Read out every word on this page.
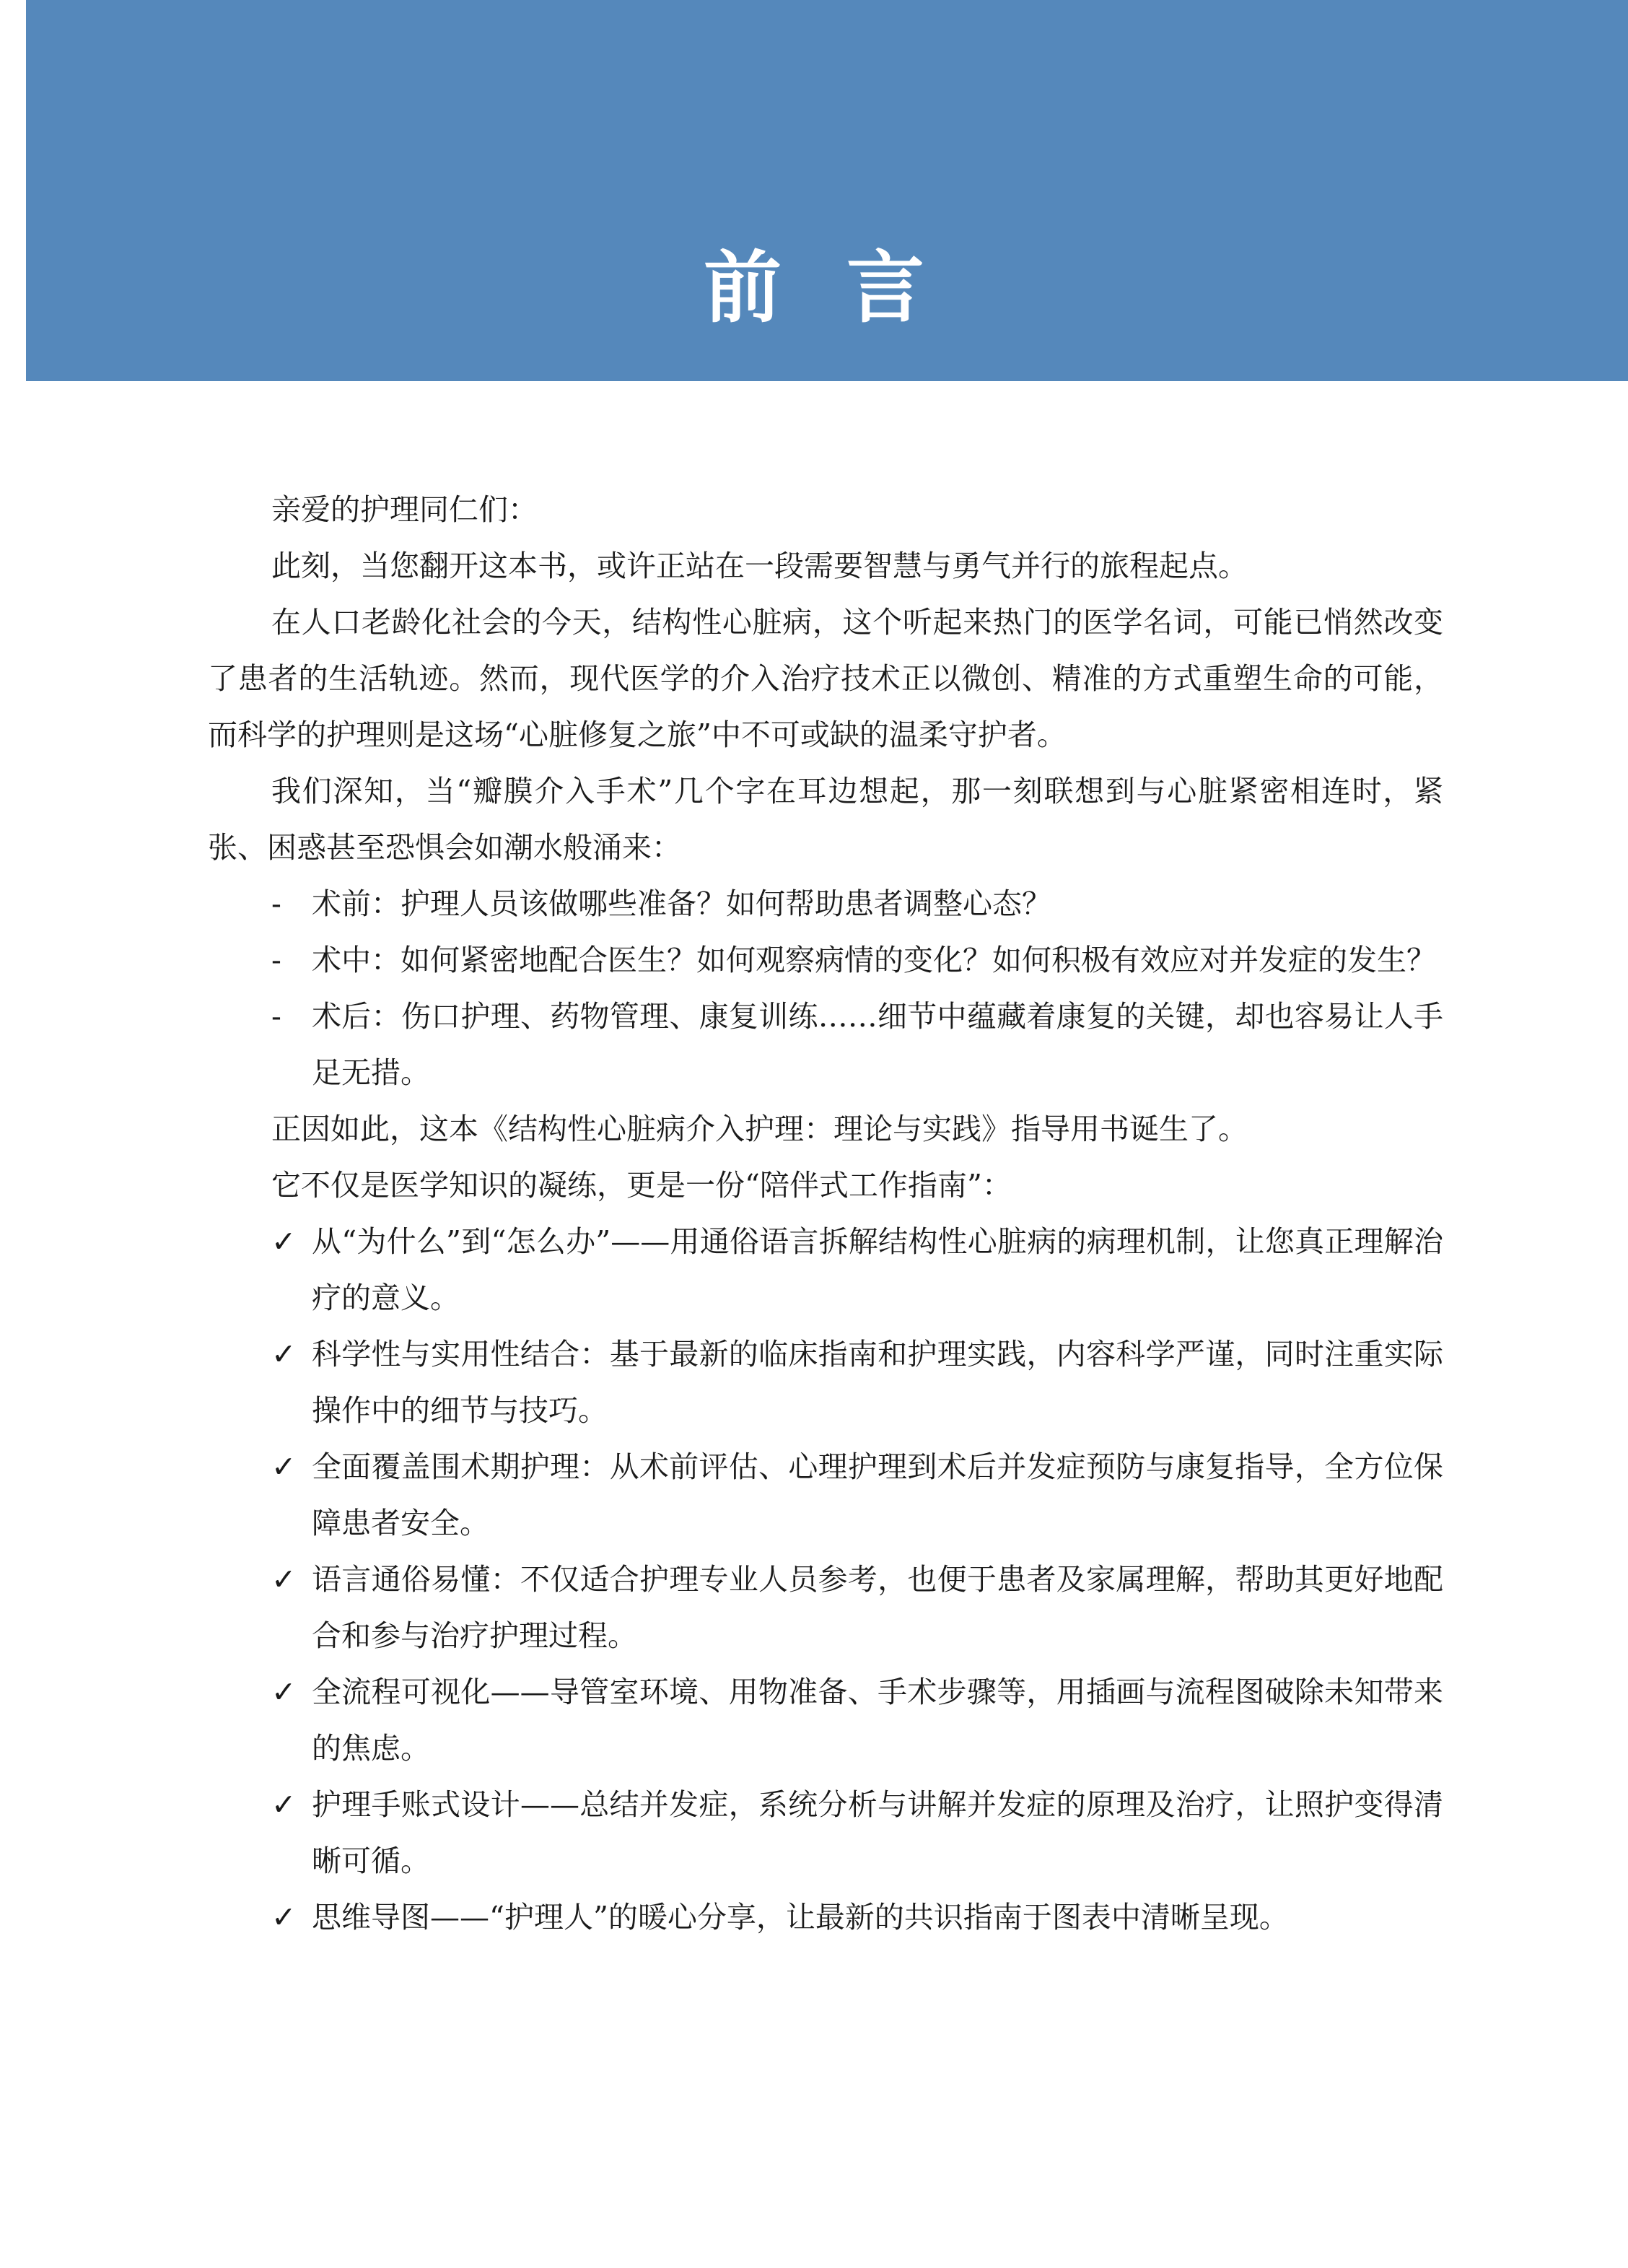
前言

亲爱的护理同仁们：

此刻，当您翻开这本书，或许正站在一段需要智慧与勇气并行的旅程起点。

在人口老龄化社会的今天，结构性心脏病，这个听起来热门的医学名词，可能已悄然改变了患者的生活轨迹。然而，现代医学的介入治疗技术正以微创、精准的方式重塑生命的可能，而科学的护理则是这场“心脏修复之旅”中不可或缺的温柔守护者。

我们深知，当“瓣膜介入手术”几个字在耳边想起，那一刻联想到与心脏紧密相连时，紧张、困惑甚至恐惧会如潮水般涌来：

-	术前：护理人员该做哪些准备？如何帮助患者调整心态？
-	术中：如何紧密地配合医生？如何观察病情的变化？如何积极有效应对并发症的发生？
-	术后：伤口护理、药物管理、康复训练……细节中蕴藏着康复的关键，却也容易让人手足无措。

正因如此，这本《结构性心脏病介入护理：理论与实践》指导用书诞生了。

它不仅是医学知识的凝练，更是一份“陪伴式工作指南”：

✓ 从“为什么”到“怎么办”——用通俗语言拆解结构性心脏病的病理机制，让您真正理解治疗的意义。
✓ 科学性与实用性结合：基于最新的临床指南和护理实践，内容科学严谨，同时注重实际操作中的细节与技巧。
✓ 全面覆盖围术期护理：从术前评估、心理护理到术后并发症预防与康复指导，全方位保障患者安全。
✓ 语言通俗易懂：不仅适合护理专业人员参考，也便于患者及家属理解，帮助其更好地配合和参与治疗护理过程。
✓ 全流程可视化——导管室环境、用物准备、手术步骤等，用插画与流程图破除未知带来的焦虑。
✓ 护理手账式设计——总结并发症，系统分析与讲解并发症的原理及治疗，让照护变得清晰可循。
✓ 思维导图——“护理人”的暖心分享，让最新的共识指南于图表中清晰呈现。
